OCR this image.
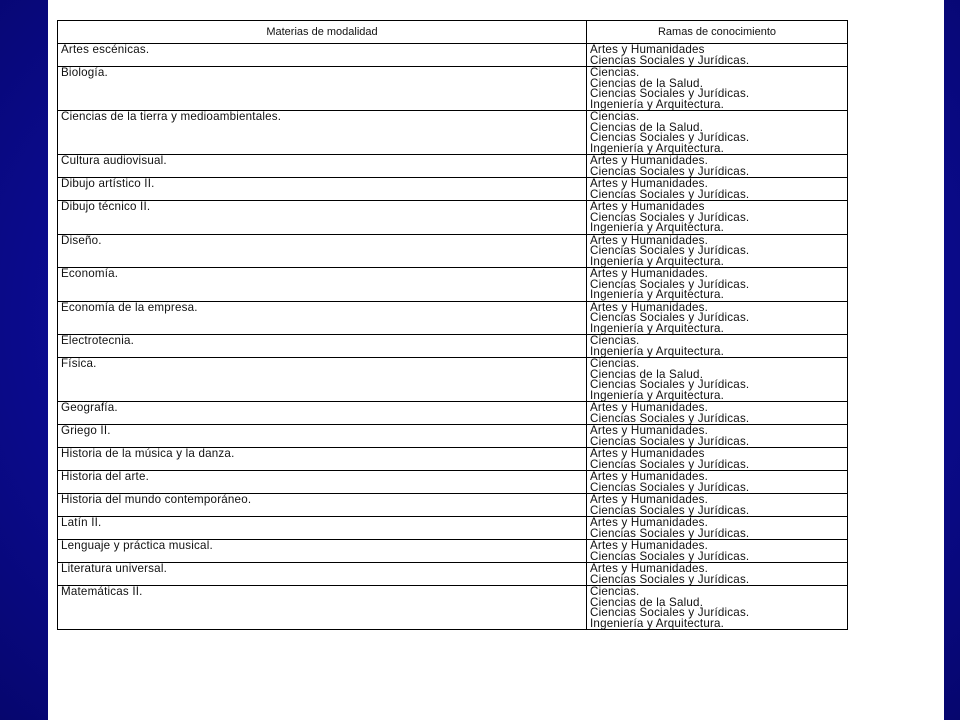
Materias de modalidad	Ramas de conocimiento
Artes escénicas.	Artes y Humanidades
Ciencias Sociales y Jurídicas.

Biología.	Ciencias.
Ciencias de la Salud.
Ciencias Sociales y Jurídicas.
Ingeniería y Arquitectura.

Ciencias de la tierra y medioambientales.	Ciencias.
Ciencias de la Salud.
Ciencias Sociales y Jurídicas.
Ingeniería y Arquitectura.

Cultura audiovisual.	Artes y Humanidades.
Ciencias Sociales y Jurídicas.

Dibujo artístico II.	Artes y Humanidades.
Ciencias Sociales y Jurídicas.

Dibujo técnico II.	Artes y Humanidades
Ciencias Sociales y Jurídicas.
Ingeniería y Arquitectura.

Diseño.	Artes y Humanidades.
Ciencias Sociales y Jurídicas.
Ingeniería y Arquitectura.

Economía.	Artes y Humanidades.
Ciencias Sociales y Jurídicas.
Ingeniería y Arquitectura.

Economía de la empresa.	Artes y Humanidades.
Ciencias Sociales y Jurídicas.
Ingeniería y Arquitectura.

Electrotecnia.	Ciencias.
Ingeniería y Arquitectura.

Física.	Ciencias.
Ciencias de la Salud.
Ciencias Sociales y Jurídicas.
Ingeniería y Arquitectura.

Geografía.	Artes y Humanidades.
Ciencias Sociales y Jurídicas.

Griego II.	Artes y Humanidades.
Ciencias Sociales y Jurídicas.

Historia de la música y la danza.	Artes y Humanidades
Ciencias Sociales y Jurídicas.

Historia del arte.	Artes y Humanidades.
Ciencias Sociales y Jurídicas.

Historia del mundo contemporáneo.	Artes y Humanidades.
Ciencias Sociales y Jurídicas.

Latín II.	Artes y Humanidades.
Ciencias Sociales y Jurídicas.

Lenguaje y práctica musical.	Artes y Humanidades.
Ciencias Sociales y Jurídicas.

Literatura universal.	Artes y Humanidades.
Ciencias Sociales y Jurídicas.

Matemáticas II.	Ciencias.
Ciencias de la Salud.
Ciencias Sociales y Jurídicas.
Ingeniería y Arquitectura.
